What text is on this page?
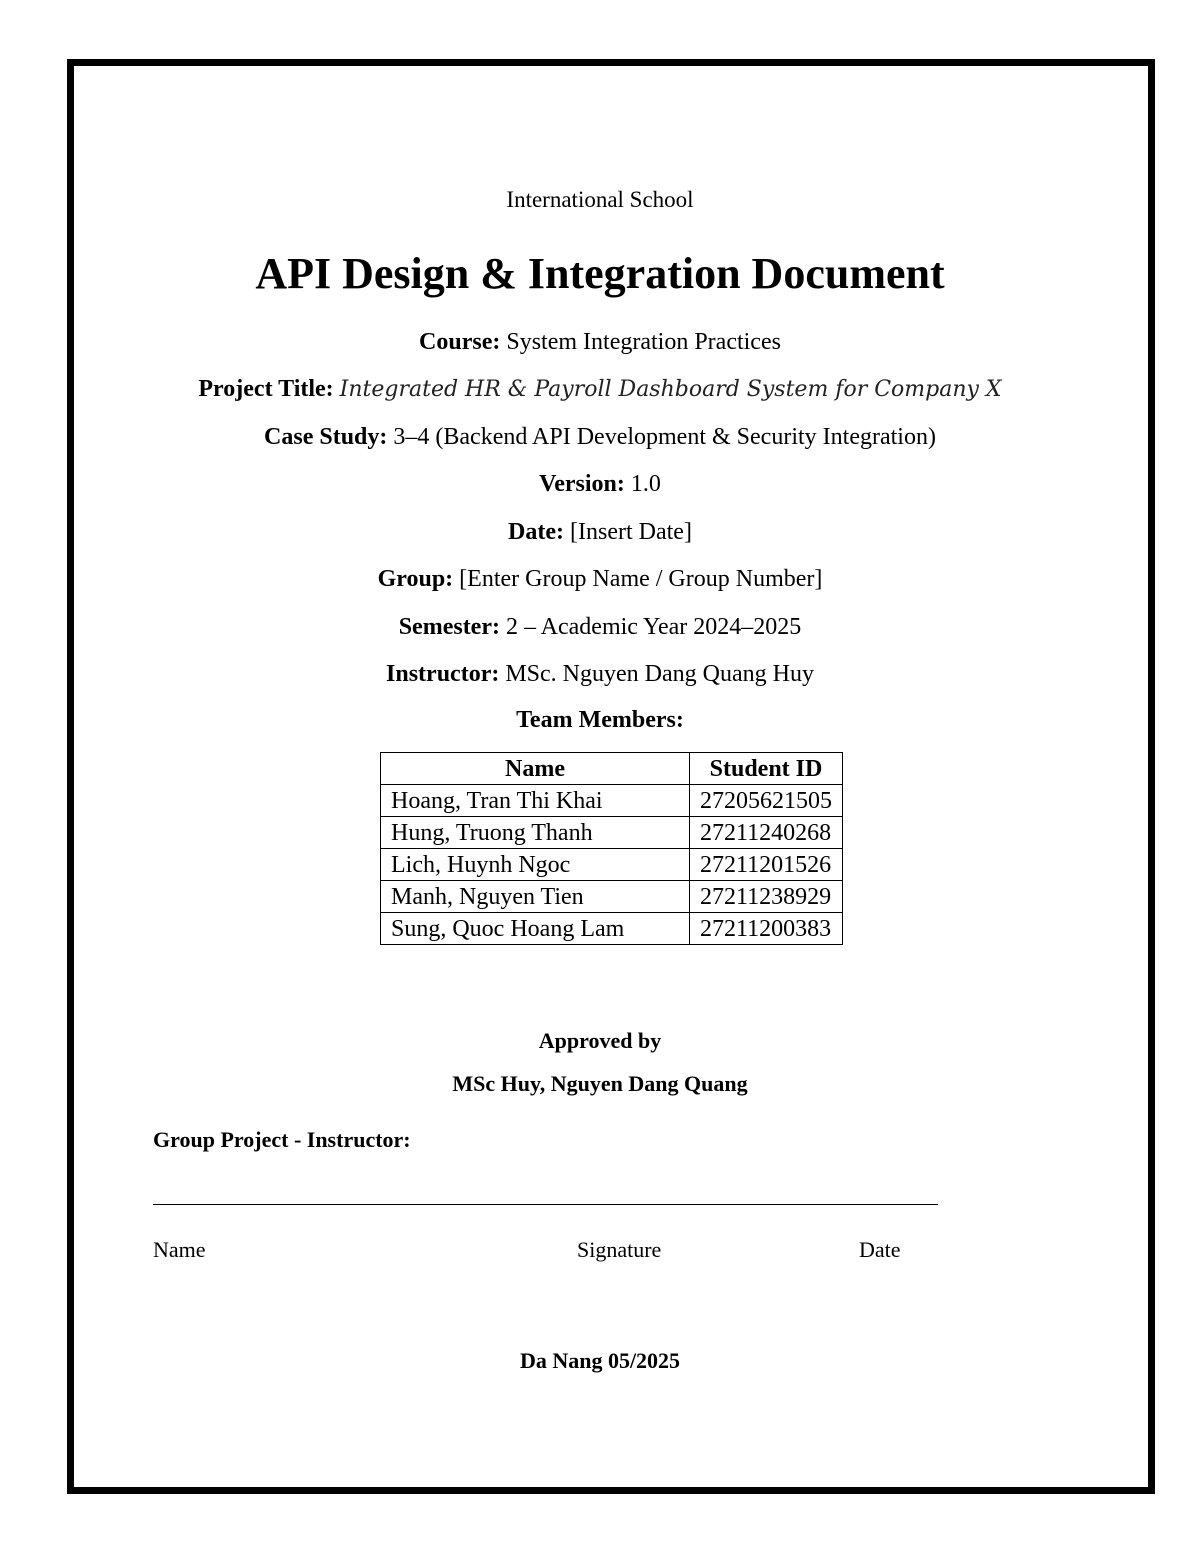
International School
API Design & Integration Document
Course: System Integration Practices
Project Title: Integrated HR & Payroll Dashboard System for Company X
Case Study: 3–4 (Backend API Development & Security Integration)
Version: 1.0
Date: [Insert Date]
Group: [Enter Group Name / Group Number]
Semester: 2 – Academic Year 2024–2025
Instructor: MSc. Nguyen Dang Quang Huy
Team Members:
Name	Student ID
Hoang, Tran Thi Khai	27205621505
Hung, Truong Thanh	27211240268
Lich, Huynh Ngoc	27211201526
Manh, Nguyen Tien	27211238929
Sung, Quoc Hoang Lam	27211200383
Approved by
MSc Huy, Nguyen Dang Quang
Group Project - Instructor:
Name	Signature	Date
Da Nang 05/2025
